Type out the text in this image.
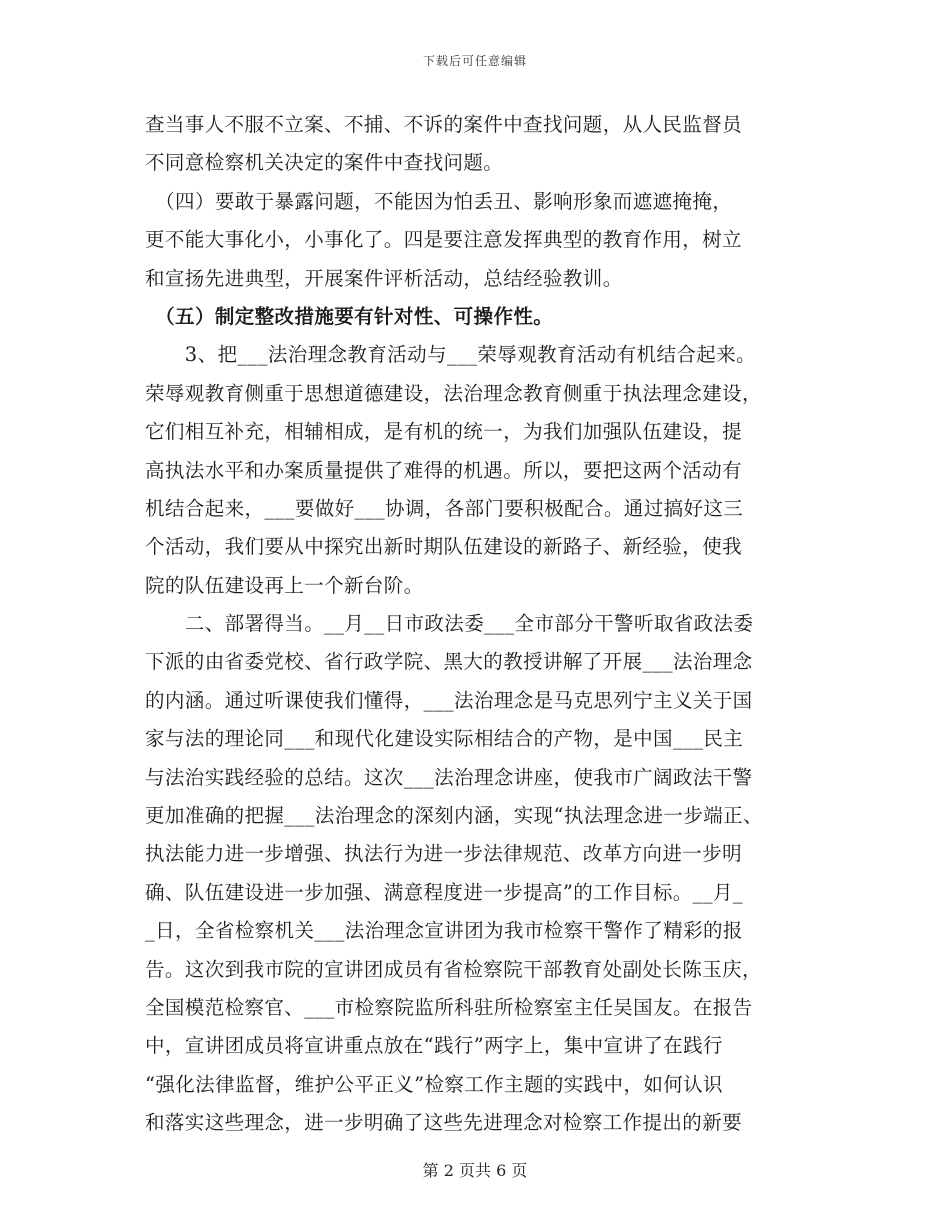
下载后可任意编辑
查当事人不服不立案、不捕、不诉的案件中查找问题，从人民监督员
不同意检察机关决定的案件中查找问题。
　（四）要敢于暴露问题，不能因为怕丢丑、影响形象而遮遮掩掩，
更不能大事化小，小事化了。四是要注意发挥典型的教育作用，树立
和宣扬先进典型，开展案件评析活动，总结经验教训。
　（五）制定整改措施要有针对性、可操作性。
　　3、把___法治理念教育活动与___荣辱观教育活动有机结合起来。
荣辱观教育侧重于思想道德建设，法治理念教育侧重于执法理念建设，
它们相互补充，相辅相成，是有机的统一，为我们加强队伍建设，提
高执法水平和办案质量提供了难得的机遇。所以，要把这两个活动有
机结合起来，___要做好___协调，各部门要积极配合。通过搞好这三
个活动，我们要从中探究出新时期队伍建设的新路子、新经验，使我
院的队伍建设再上一个新台阶。
　　二、部署得当。__月__日市政法委___全市部分干警听取省政法委
下派的由省委党校、省行政学院、黑大的教授讲解了开展___法治理念
的内涵。通过听课使我们懂得，___法治理念是马克思列宁主义关于国
家与法的理论同___和现代化建设实际相结合的产物，是中国___民主
与法治实践经验的总结。这次___法治理念讲座，使我市广阔政法干警
更加准确的把握___法治理念的深刻内涵，实现“执法理念进一步端正、
执法能力进一步增强、执法行为进一步法律规范、改革方向进一步明
确、队伍建设进一步加强、满意程度进一步提高”的工作目标。__月_
_日，全省检察机关___法治理念宣讲团为我市检察干警作了精彩的报
告。这次到我市院的宣讲团成员有省检察院干部教育处副处长陈玉庆，
全国模范检察官、___市检察院监所科驻所检察室主任吴国友。在报告
中，宣讲团成员将宣讲重点放在“践行”两字上，集中宣讲了在践行
“强化法律监督，维护公平正义”检察工作主题的实践中，如何认识
和落实这些理念，进一步明确了这些先进理念对检察工作提出的新要
第 2 页共 6 页
